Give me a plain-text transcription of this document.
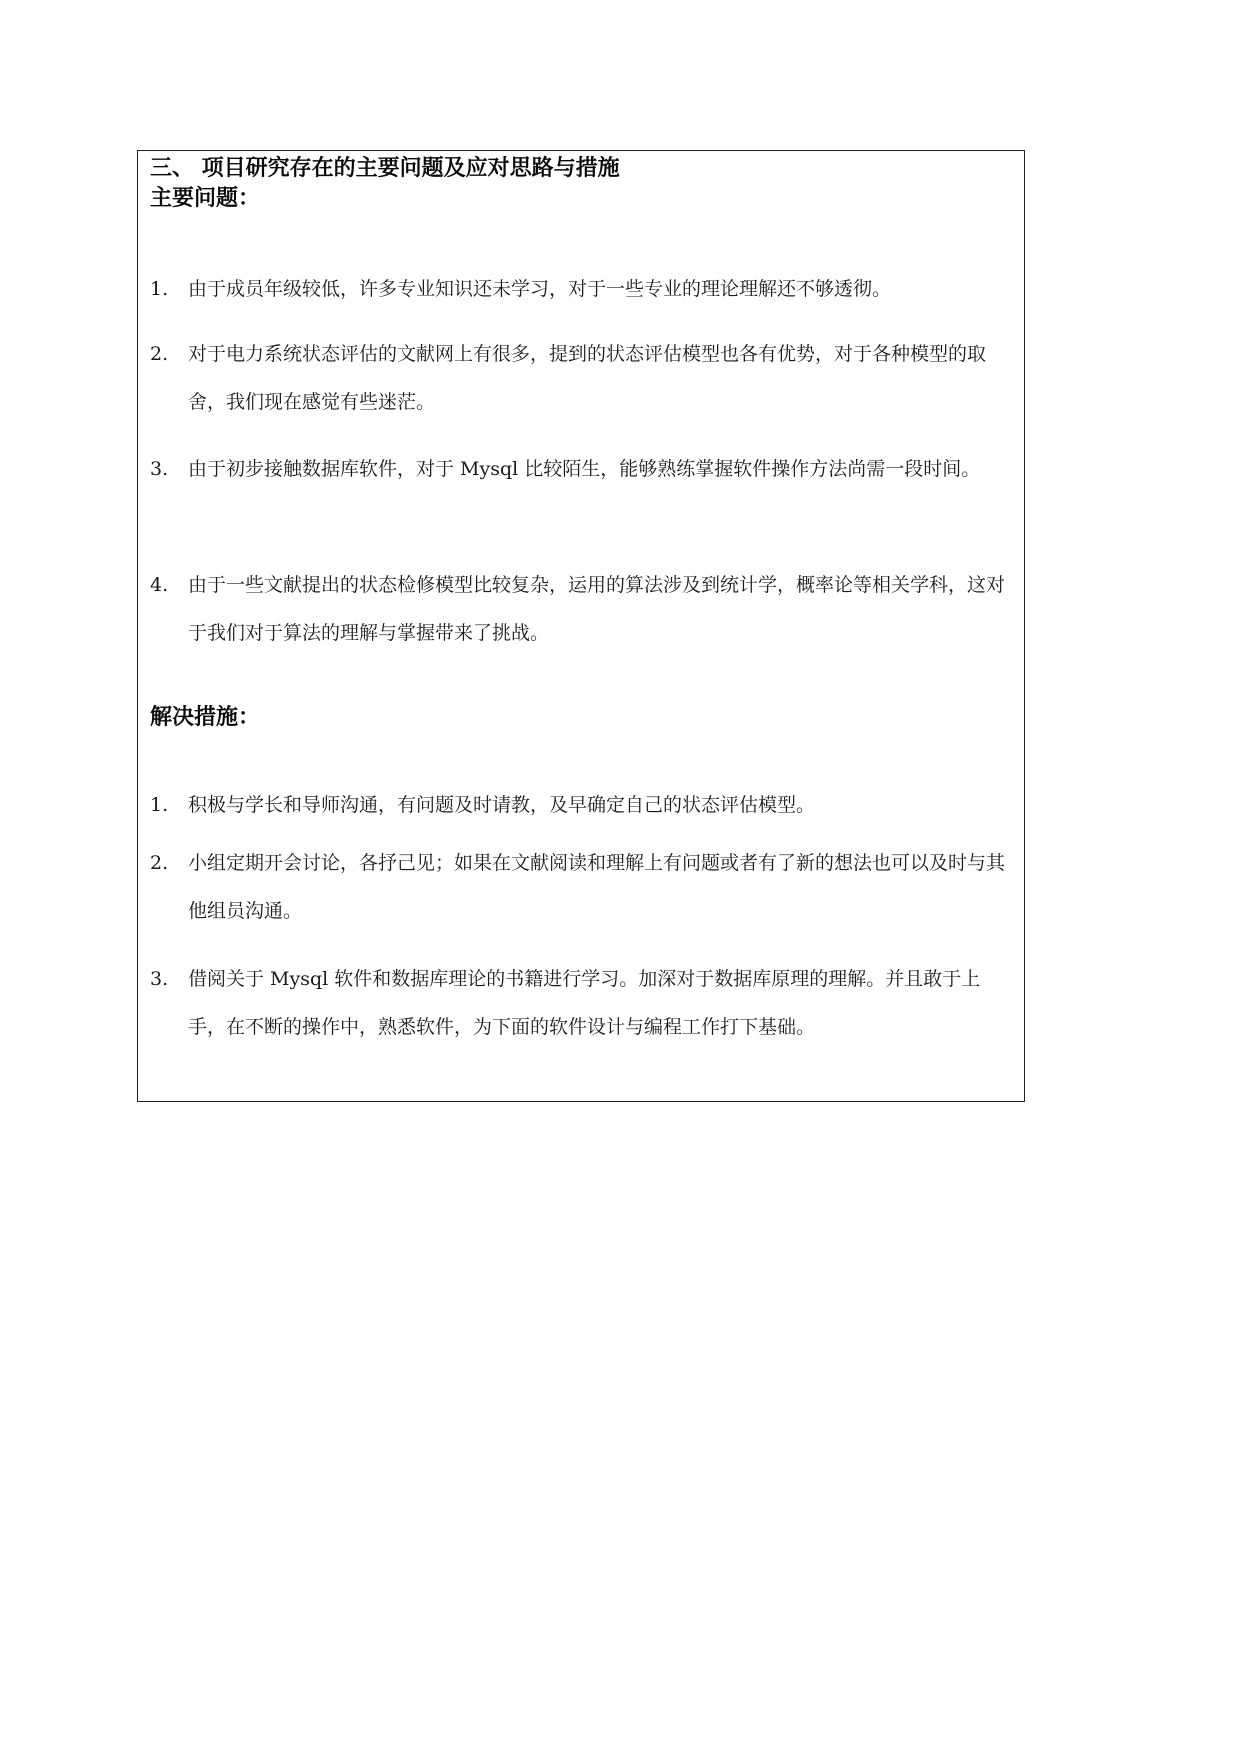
三、 项目研究存在的主要问题及应对思路与措施
主要问题：
1.	由于成员年级较低，许多专业知识还未学习，对于一些专业的理论理解还不够透彻。
2.	对于电力系统状态评估的文献网上有很多，提到的状态评估模型也各有优势，对于各种模型的取舍，我们现在感觉有些迷茫。
3.	由于初步接触数据库软件，对于 Mysql 比较陌生，能够熟练掌握软件操作方法尚需一段时间。
4.	由于一些文献提出的状态检修模型比较复杂，运用的算法涉及到统计学，概率论等相关学科，这对于我们对于算法的理解与掌握带来了挑战。
解决措施：
1.	积极与学长和导师沟通，有问题及时请教，及早确定自己的状态评估模型。
2.	小组定期开会讨论，各抒己见；如果在文献阅读和理解上有问题或者有了新的想法也可以及时与其他组员沟通。
3.	借阅关于 Mysql 软件和数据库理论的书籍进行学习。加深对于数据库原理的理解。并且敢于上手，在不断的操作中，熟悉软件，为下面的软件设计与编程工作打下基础。
